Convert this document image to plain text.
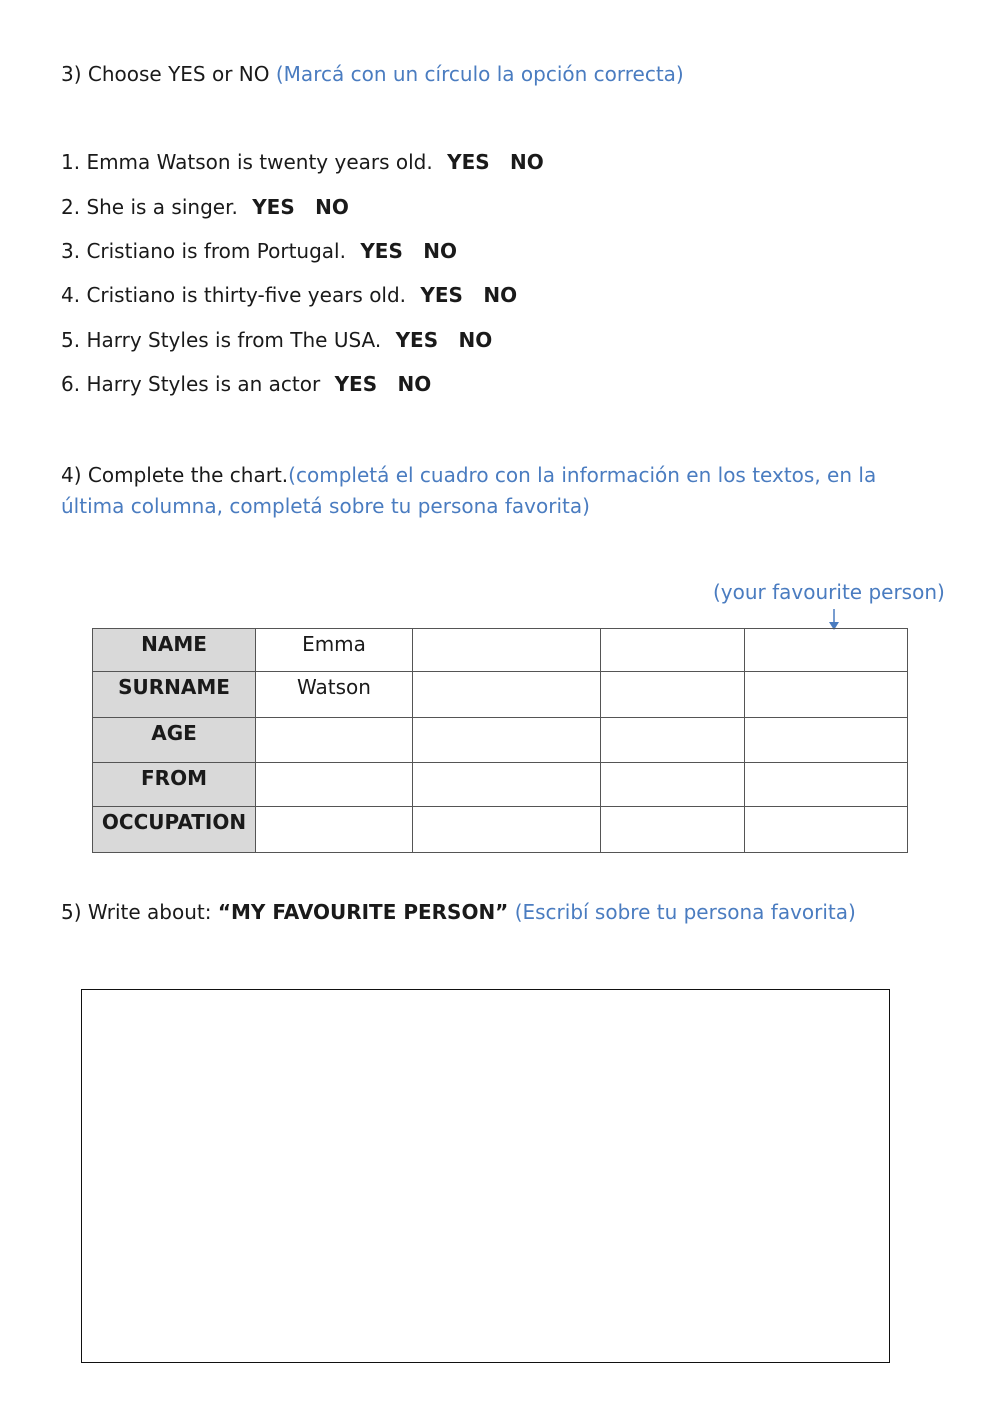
3) Choose YES or NO (Marcá con un círculo la opción correcta)
1. Emma Watson is twenty years old. YES NO
2. She is a singer. YES NO
3. Cristiano is from Portugal. YES NO
4. Cristiano is thirty-five years old. YES NO
5. Harry Styles is from The USA. YES NO
6. Harry Styles is an actor YES NO
4) Complete the chart.(completá el cuadro con la información en los textos, en la última columna, completá sobre tu persona favorita)
(your favourite person)
NAME	Emma			

SURNAME	Watson			

AGE				

FROM				

OCCUPATION				

5) Write about: “MY FAVOURITE PERSON” (Escribí sobre tu persona favorita)
